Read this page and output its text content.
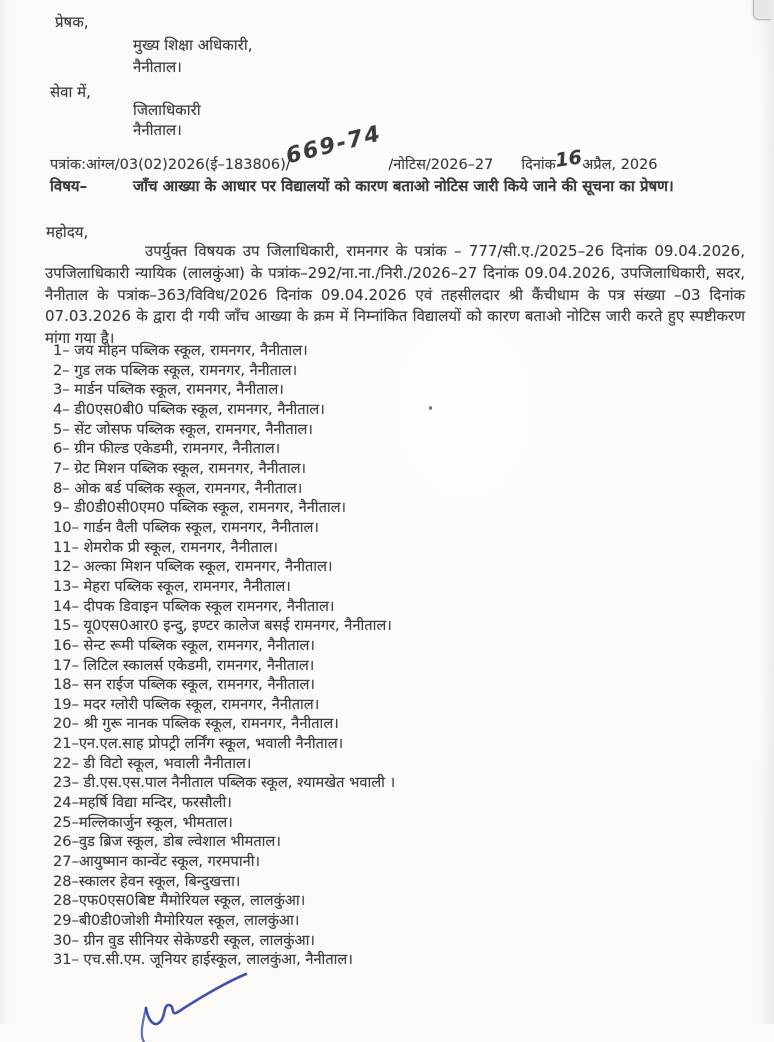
प्रेषक,
मुख्य शिक्षा अधिकारी,
नैनीताल।
सेवा में,
जिलाधिकारी
नैनीताल।
पत्रांक:आंग्ल/03(02)2026(ई–183806)/
669-74 /नोटिस/2026–27 दिनांक
16 अप्रैल, 2026
विषय–	जाँच आख्या के आधार पर विद्यालयों को कारण बताओ नोटिस जारी किये जाने की सूचना का प्रेषण।
महोदय,
उपर्युक्त विषयक उप जिलाधिकारी, रामनगर के पत्रांक – 777/सी.ए./2025–26 दिनांक 09.04.2026, उपजिलाधिकारी न्यायिक (लालकुंआ) के पत्रांक–292/ना.ना./निरी./2026–27 दिनांक 09.04.2026, उपजिलाधिकारी, सदर, नैनीताल के पत्रांक–363/विविध/2026 दिनांक 09.04.2026 एवं तहसीलदार श्री कैंचीधाम के पत्र संख्या –03 दिनांक 07.03.2026 के द्वारा दी गयी जाँच आख्या के क्रम में निम्नांकित विद्यालयों को कारण बताओ नोटिस जारी करते हुए स्पष्टीकरण मांगा गया है।
1– जय मोहन पब्लिक स्कूल, रामनगर, नैनीताल।
2– गुड लक पब्लिक स्कूल, रामनगर, नैनीताल।
3– मार्डन पब्लिक स्कूल, रामनगर, नैनीताल।
4– डी0एस0बी0 पब्लिक स्कूल, रामनगर, नैनीताल।
5– सेंट जोसफ पब्लिक स्कूल, रामनगर, नैनीताल।
6– ग्रीन फील्ड एकेडमी, रामनगर, नैनीताल।
7– ग्रेट मिशन पब्लिक स्कूल, रामनगर, नैनीताल।
8– ओक बर्ड पब्लिक स्कूल, रामनगर, नैनीताल।
9– डी0डी0सी0एम0 पब्लिक स्कूल, रामनगर, नैनीताल।
10– गार्डन वैली पब्लिक स्कूल, रामनगर, नैनीताल।
11– शेमरोक प्री स्कूल, रामनगर, नैनीताल।
12– अल्का मिशन पब्लिक स्कूल, रामनगर, नैनीताल।
13– मेहरा पब्लिक स्कूल, रामनगर, नैनीताल।
14– दीपक डिवाइन पब्लिक स्कूल रामनगर, नैनीताल।
15– यू0एस0आर0 इन्दु, इण्टर कालेज बसई रामनगर, नैनीताल।
16– सेन्ट रूमी पब्लिक स्कूल, रामनगर, नैनीताल।
17– लिटिल स्कालर्स एकेडमी, रामनगर, नैनीताल।
18– सन राईज पब्लिक स्कूल, रामनगर, नैनीताल।
19– मदर ग्लोरी पब्लिक स्कूल, रामनगर, नैनीताल।
20– श्री गुरू नानक पब्लिक स्कूल, रामनगर, नैनीताल।
21–एन.एल.साह प्रोपट्री लर्निंग स्कूल, भवाली नैनीताल।
22– डी विटो स्कूल, भवाली नैनीताल।
23– डी.एस.एस.पाल नैनीताल पब्लिक स्कूल, श्यामखेत भवाली ।
24–महर्षि विद्या मन्दिर, फरसौली।
25–मल्लिकार्जुन स्कूल, भीमताल।
26–वुड ब्रिज स्कूल, डोब ल्वेशाल भीमताल।
27–आयुष्मान कान्वेंट स्कूल, गरमपानी।
28–स्कालर हेवन स्कूल, बिन्दुखत्ता।
28–एफ0एस0बिष्ट मैमोरियल स्कूल, लालकुंआ।
29–बी0डी0जोशी मैमोरियल स्कूल, लालकुंआ।
30– ग्रीन वुड सीनियर सेकेण्डरी स्कूल, लालकुंआ।
31– एच.सी.एम. जूनियर हाईस्कूल, लालकुंआ, नैनीताल।
